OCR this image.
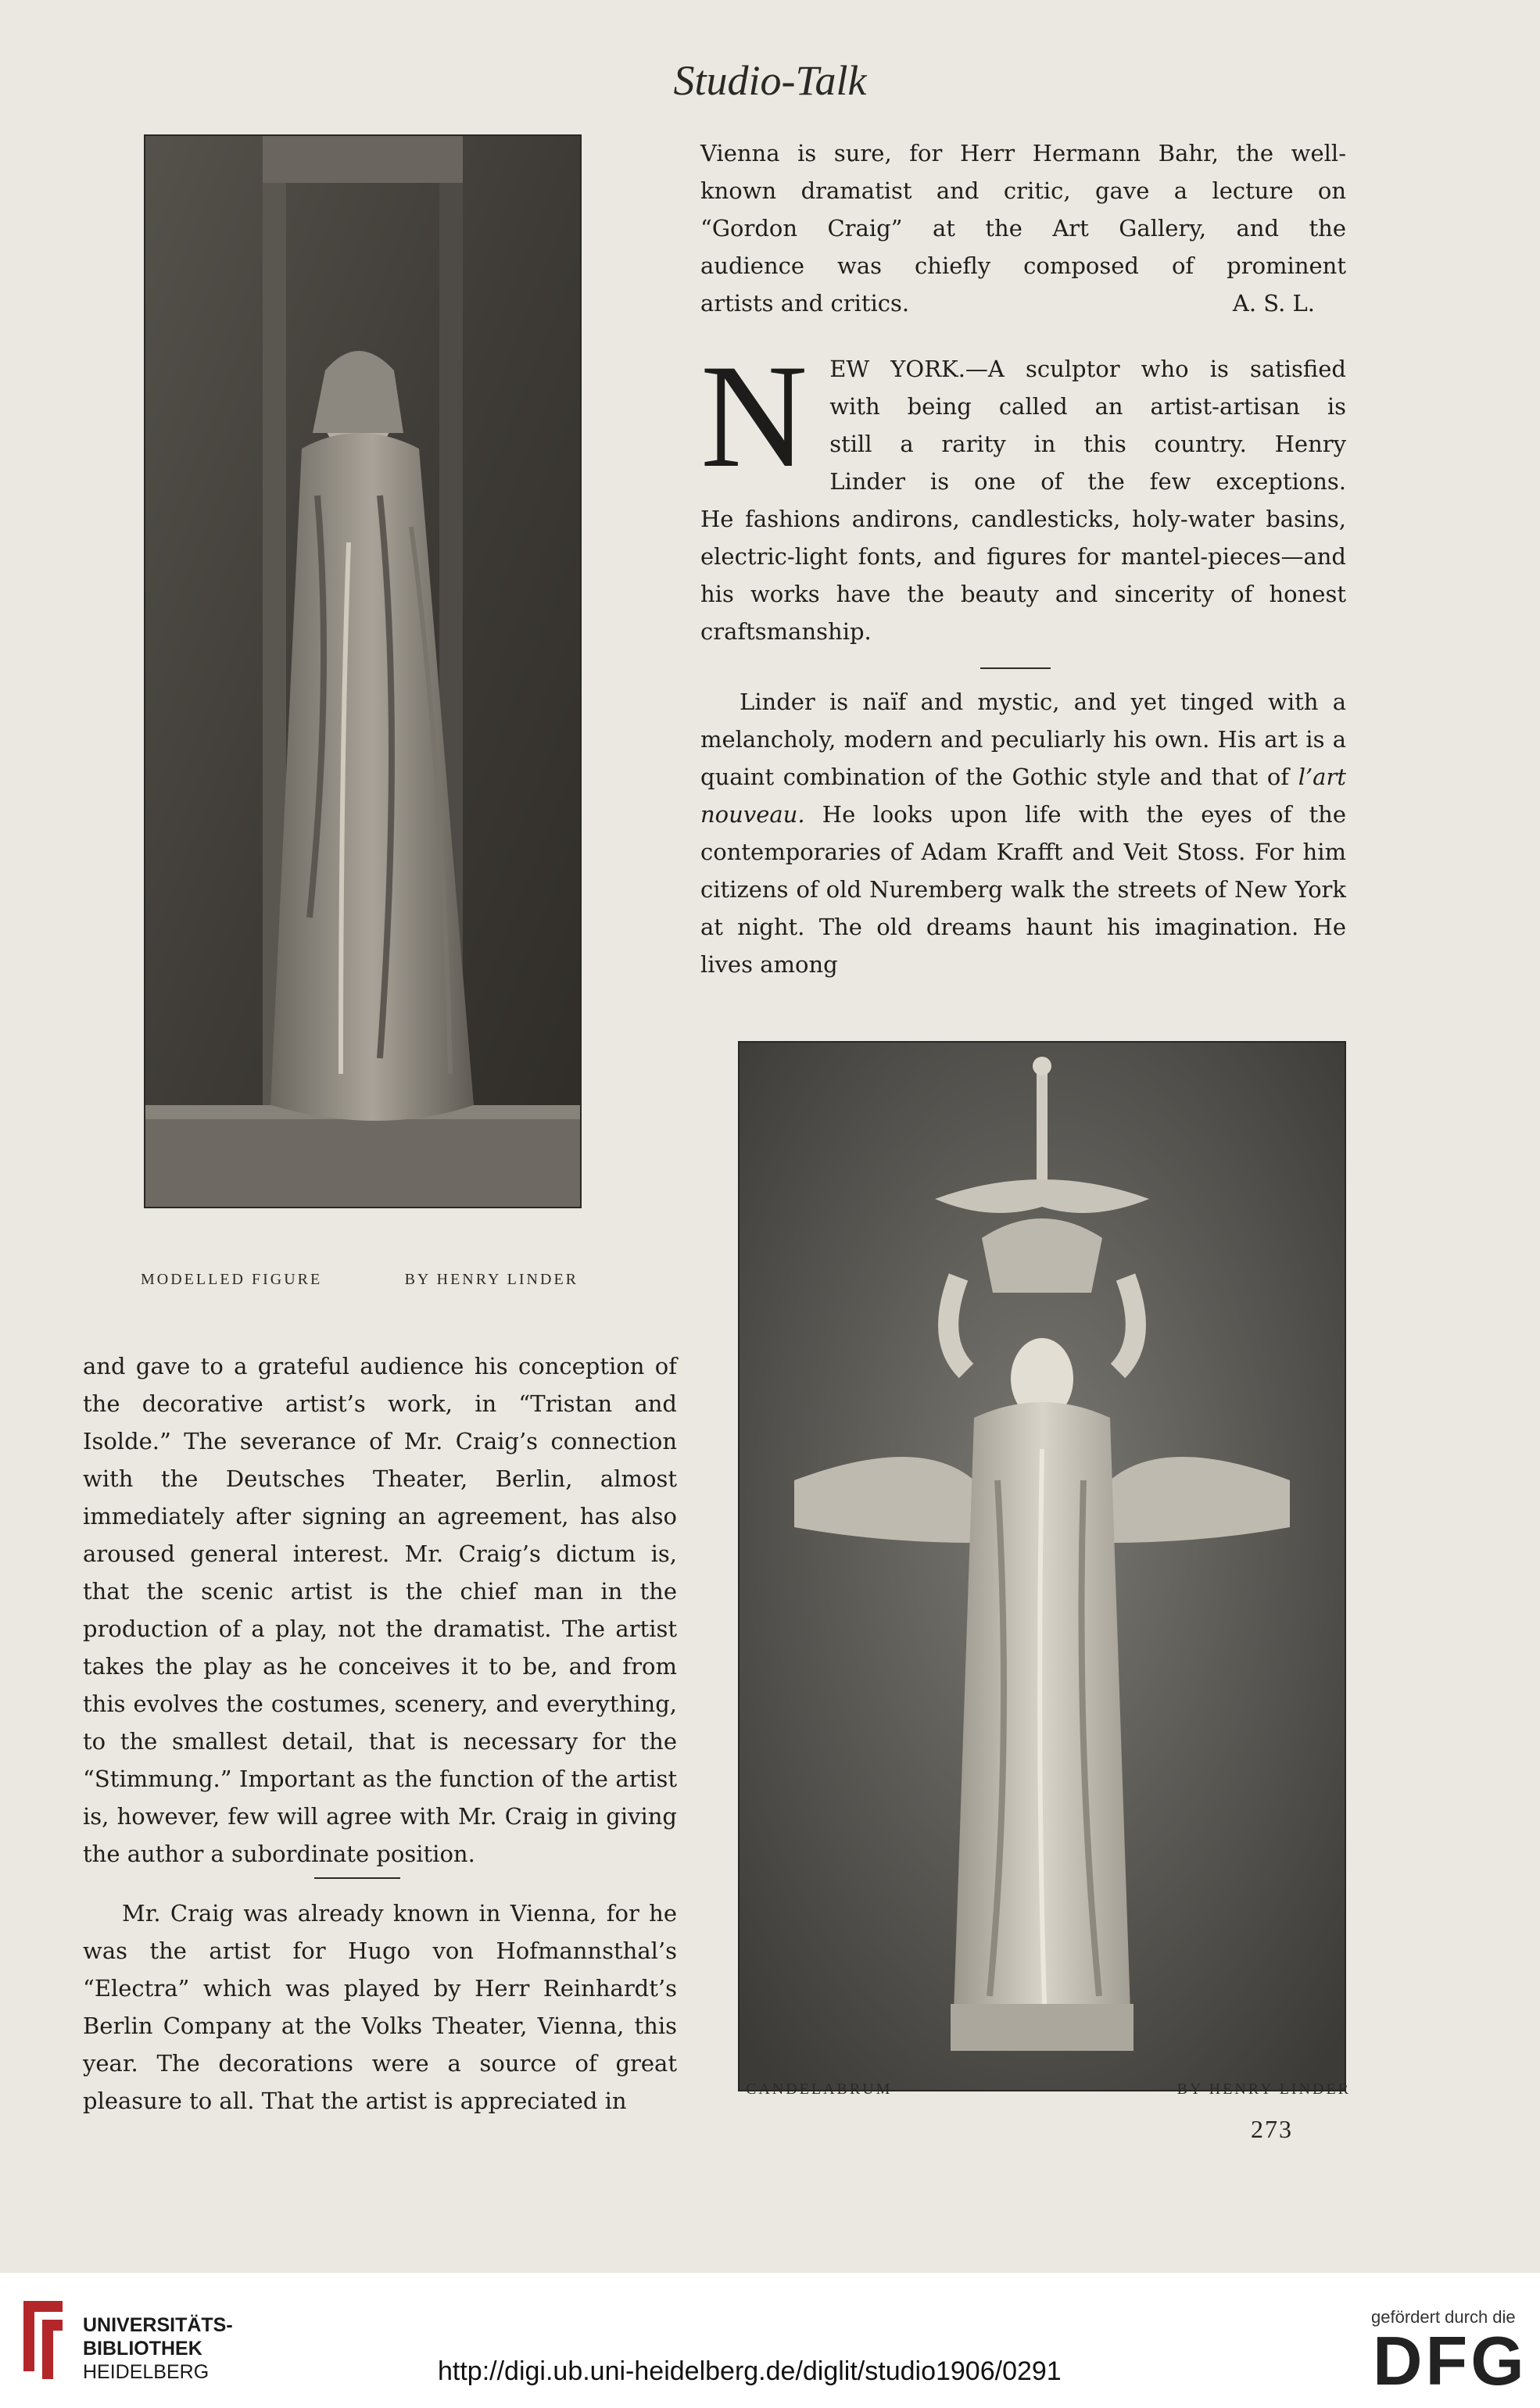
Studio-Talk

Vienna is sure, for Herr Hermann Bahr, the well-

known dramatist and critic, gave a lecture on

“Gordon Craig” at the Art Gallery, and the

audience was chiefly composed of prominent

artists and critics.	A. S. L.
N EW YORK.—A sculptor who is satisfied

with being called an artist-artisan is

still a rarity in this country. Henry

Linder is one of the few exceptions.

He fashions andirons, candlesticks, holy-water basins, electric-light fonts, and figures for mantel-pieces—and his works have the beauty and sincerity of honest craftsmanship.

Linder is naïf and mystic, and yet tinged with a melancholy, modern and peculiarly his own. His art is a quaint combination of the Gothic style and that of l’art nouveau. He looks upon life with the eyes of the contemporaries of Adam Krafft and Veit Stoss. For him citizens of old Nuremberg walk the streets of New York at night. The old dreams haunt his imagination. He lives among

MODELLED FIGURE	BY HENRY LINDER

and gave to a grateful audience his conception of the decorative artist’s work, in “Tristan and Isolde.” The severance of Mr. Craig’s connection with the Deutsches Theater, Berlin, almost immediately after signing an agreement, has also aroused general interest. Mr. Craig’s dictum is, that the scenic artist is the chief man in the production of a play, not the dramatist. The artist takes the play as he conceives it to be, and from this evolves the costumes, scenery, and everything, to the smallest detail, that is necessary for the “Stimmung.” Important as the function of the artist is, however, few will agree with Mr. Craig in giving the author a subordinate position.

Mr. Craig was already known in Vienna, for he was the artist for Hugo von Hofmannsthal’s “Electra” which was played by Herr Reinhardt’s Berlin Company at the Volks Theater, Vienna, this year. The decorations were a source of great pleasure to all. That the artist is appreciated in	CANDELABRUM	BY HENRY LINDER
273
UNIVERSITÄTS-
BIBLIOTHEK
HEIDELBERG	http://digi.ub.uni-heidelberg.de/diglit/studio1906/0291
gefördert durch die
DFG
